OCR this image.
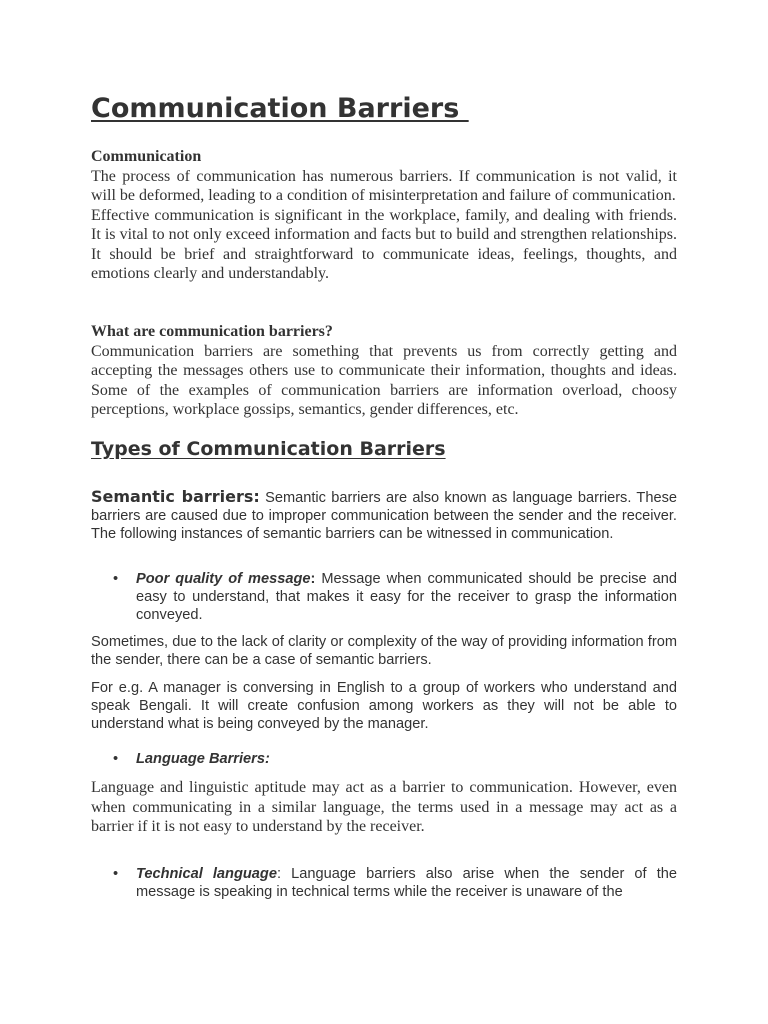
Communication Barriers

Communication

The process of communication has numerous barriers. If communication is not valid, it will be deformed, leading to a condition of misinterpretation and failure of communication.

Effective communication is significant in the workplace, family, and dealing with friends. It is vital to not only exceed information and facts but to build and strengthen relationships. It should be brief and straightforward to communicate ideas, feelings, thoughts, and emotions clearly and understandably.

What are communication barriers?

Communication barriers are something that prevents us from correctly getting and accepting the messages others use to communicate their information, thoughts and ideas. Some of the examples of communication barriers are information overload, choosy perceptions, workplace gossips, semantics, gender differences, etc.

Types of Communication Barriers

Semantic barriers: Semantic barriers are also known as language barriers. These barriers are caused due to improper communication between the sender and the receiver. The following instances of semantic barriers can be witnessed in communication.

• Poor quality of message: Message when communicated should be precise and easy to understand, that makes it easy for the receiver to grasp the information conveyed.

Sometimes, due to the lack of clarity or complexity of the way of providing information from the sender, there can be a case of semantic barriers.

For e.g. A manager is conversing in English to a group of workers who understand and speak Bengali. It will create confusion among workers as they will not be able to understand what is being conveyed by the manager.

• Language Barriers:

Language and linguistic aptitude may act as a barrier to communication. However, even when communicating in a similar language, the terms used in a message may act as a barrier if it is not easy to understand by the receiver.

• Technical language: Language barriers also arise when the sender of the message is speaking in technical terms while the receiver is unaware of the
